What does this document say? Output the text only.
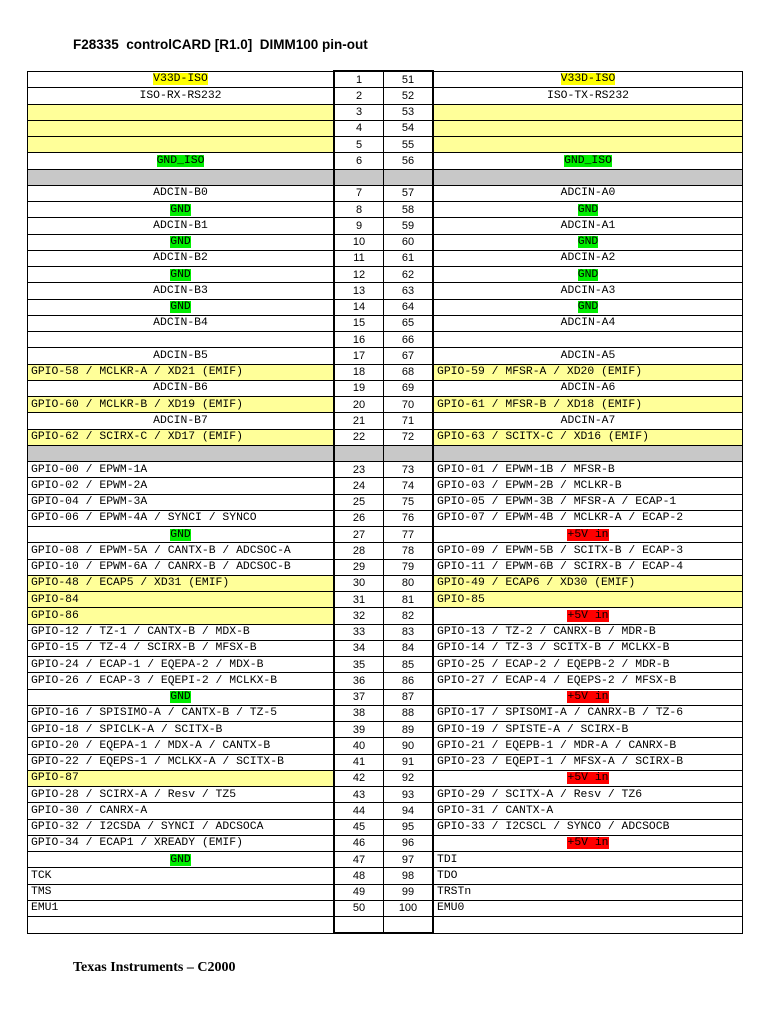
F28335  controlCARD [R1.0]  DIMM100 pin-out
V33D-ISO	1	51	V33D-ISO
ISO-RX-RS232	2	52	ISO-TX-RS232
	3	53	
	4	54	
	5	55	
GND_ISO	6	56	GND_ISO

ADCIN-B0	7	57	ADCIN-A0
GND	8	58	GND
ADCIN-B1	9	59	ADCIN-A1
GND	10	60	GND
ADCIN-B2	11	61	ADCIN-A2
GND	12	62	GND
ADCIN-B3	13	63	ADCIN-A3
GND	14	64	GND
ADCIN-B4	15	65	ADCIN-A4
	16	66	
ADCIN-B5	17	67	ADCIN-A5
GPIO-58 / MCLKR-A / XD21 (EMIF)	18	68	GPIO-59 / MFSR-A / XD20 (EMIF)
ADCIN-B6	19	69	ADCIN-A6
GPIO-60 / MCLKR-B / XD19 (EMIF)	20	70	GPIO-61 / MFSR-B / XD18 (EMIF)
ADCIN-B7	21	71	ADCIN-A7
GPIO-62 / SCIRX-C / XD17 (EMIF)	22	72	GPIO-63 / SCITX-C / XD16 (EMIF)

GPIO-00 / EPWM-1A	23	73	GPIO-01 / EPWM-1B / MFSR-B
GPIO-02 / EPWM-2A	24	74	GPIO-03 / EPWM-2B / MCLKR-B
GPIO-04 / EPWM-3A	25	75	GPIO-05 / EPWM-3B / MFSR-A / ECAP-1
GPIO-06 / EPWM-4A / SYNCI / SYNCO	26	76	GPIO-07 / EPWM-4B / MCLKR-A / ECAP-2
GND	27	77	+5V in
GPIO-08 / EPWM-5A / CANTX-B / ADCSOC-A	28	78	GPIO-09 / EPWM-5B / SCITX-B / ECAP-3
GPIO-10 / EPWM-6A / CANRX-B / ADCSOC-B	29	79	GPIO-11 / EPWM-6B / SCIRX-B / ECAP-4
GPIO-48 / ECAP5 / XD31 (EMIF)	30	80	GPIO-49 / ECAP6 / XD30 (EMIF)
GPIO-84	31	81	GPIO-85
GPIO-86	32	82	+5V in
GPIO-12 / TZ-1 / CANTX-B / MDX-B	33	83	GPIO-13 / TZ-2 / CANRX-B / MDR-B
GPIO-15 / TZ-4 / SCIRX-B / MFSX-B	34	84	GPIO-14 / TZ-3 / SCITX-B / MCLKX-B
GPIO-24 / ECAP-1 / EQEPA-2 / MDX-B	35	85	GPIO-25 / ECAP-2 / EQEPB-2 / MDR-B
GPIO-26 / ECAP-3 / EQEPI-2 / MCLKX-B	36	86	GPIO-27 / ECAP-4 / EQEPS-2 / MFSX-B
GND	37	87	+5V in
GPIO-16 / SPISIMO-A / CANTX-B / TZ-5	38	88	GPIO-17 / SPISOMI-A / CANRX-B / TZ-6
GPIO-18 / SPICLK-A / SCITX-B	39	89	GPIO-19 / SPISTE-A / SCIRX-B
GPIO-20 / EQEPA-1 / MDX-A / CANTX-B	40	90	GPIO-21 / EQEPB-1 / MDR-A / CANRX-B
GPIO-22 / EQEPS-1 / MCLKX-A / SCITX-B	41	91	GPIO-23 / EQEPI-1 / MFSX-A / SCIRX-B
GPIO-87	42	92	+5V in
GPIO-28 / SCIRX-A / Resv / TZ5	43	93	GPIO-29 / SCITX-A / Resv / TZ6
GPIO-30 / CANRX-A	44	94	GPIO-31 / CANTX-A
GPIO-32 / I2CSDA / SYNCI / ADCSOCA	45	95	GPIO-33 / I2CSCL / SYNCO / ADCSOCB
GPIO-34 / ECAP1 / XREADY (EMIF)	46	96	+5V in
GND	47	97	TDI
TCK	48	98	TDO
TMS	49	99	TRSTn
EMU1	50	100	EMU0

Texas Instruments – C2000
